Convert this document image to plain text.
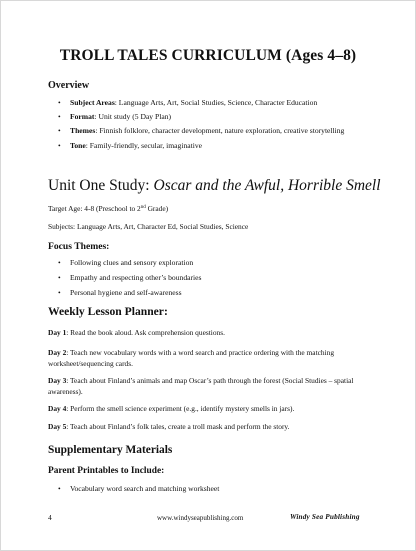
TROLL TALES CURRICULUM (Ages 4–8)
Overview
• Subject Areas: Language Arts, Art, Social Studies, Science, Character Education
• Format: Unit study (5 Day Plan)
• Themes: Finnish folklore, character development, nature exploration, creative storytelling
• Tone: Family-friendly, secular, imaginative
Unit One Study: Oscar and the Awful, Horrible Smell

Target Age: 4-8 (Preschool to 2nd Grade)

Subjects: Language Arts, Art, Character Ed, Social Studies, Science

Focus Themes:
• Following clues and sensory exploration
• Empathy and respecting other’s boundaries
• Personal hygiene and self-awareness
Weekly Lesson Planner:

Day 1: Read the book aloud. Ask comprehension questions.

Day 2: Teach new vocabulary words with a word search and practice ordering with the matching worksheet/sequencing cards.

Day 3: Teach about Finland’s animals and map Oscar’s path through the forest (Social Studies – spatial awareness).

Day 4: Perform the smell science experiment (e.g., identify mystery smells in jars).

Day 5: Teach about Finland’s folk tales, create a troll mask and perform the story.

Supplementary Materials
Parent Printables to Include:
• Vocabulary word search and matching worksheet

4	www.windyseapublishing.com	Windy Sea Publishing
